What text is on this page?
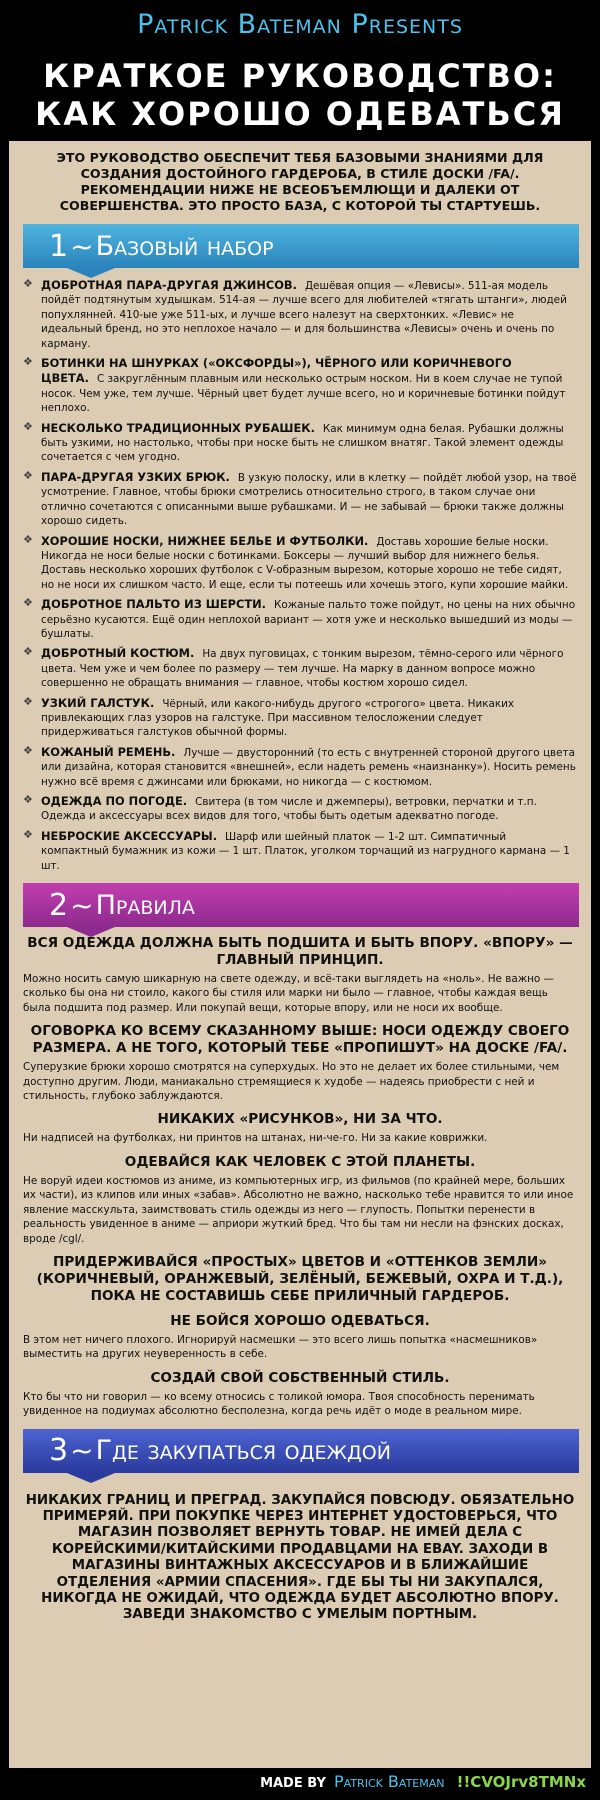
Patrick Bateman Presents
КРАТКОЕ РУКОВОДСТВО:
КАК ХОРОШО ОДЕВАТЬСЯ
ЭТО РУКОВОДСТВО ОБЕСПЕЧИТ ТЕБЯ БАЗОВЫМИ ЗНАНИЯМИ ДЛЯ СОЗДАНИЯ ДОСТОЙНОГО ГАРДЕРОБА, В СТИЛЕ ДОСКИ /FA/. РЕКОМЕНДАЦИИ НИЖЕ НЕ ВСЕОБЪЕМЛЮЩИ И ДАЛЕКИ ОТ СОВЕРШЕНСТВА. ЭТО ПРОСТО БАЗА, С КОТОРОЙ ТЫ СТАРТУЕШЬ.
1 ~ Базовый набор
❖ ДОБРОТНАЯ ПАРА-ДРУГАЯ ДЖИНСОВ. Дешёвая опция — «Левисы». 511-ая модель пойдёт подтянутым худышкам. 514-ая — лучше всего для любителей «тягать штанги», людей попухлянней. 410-ые уже 511-ых, и лучше всего налезут на сверхтонких. «Левис» не идеальный бренд, но это неплохое начало — и для большинства «Левисы» очень и очень по карману.
❖ БОТИНКИ НА ШНУРКАХ («ОКСФОРДЫ»), ЧЁРНОГО ИЛИ КОРИЧНЕВОГО ЦВЕТА. С закруглённым плавным или несколько острым носком. Ни в коем случае не тупой носок. Чем уже, тем лучше. Чёрный цвет будет лучше всего, но и коричневые ботинки пойдут неплохо.
❖ НЕСКОЛЬКО ТРАДИЦИОННЫХ РУБАШЕК. Как минимум одна белая. Рубашки должны быть узкими, но настолько, чтобы при носке быть не слишком внатяг. Такой элемент одежды сочетается с чем угодно.
❖ ПАРА-ДРУГАЯ УЗКИХ БРЮК. В узкую полоску, или в клетку — пойдёт любой узор, на твоё усмотрение. Главное, чтобы брюки смотрелись относительно строго, в таком случае они отлично сочетаются с описанными выше рубашками. И — не забывай — брюки также должны хорошо сидеть.
❖ ХОРОШИЕ НОСКИ, НИЖНЕЕ БЕЛЬЕ И ФУТБОЛКИ. Доставь хорошие белые носки. Никогда не носи белые носки с ботинками. Боксеры — лучший выбор для нижнего белья. Доставь несколько хороших футболок с V-образным вырезом, которые хорошо не тебе сидят, но не носи их слишком часто. И еще, если ты потеешь или хочешь этого, купи хорошие майки.
❖ ДОБРОТНОЕ ПАЛЬТО ИЗ ШЕРСТИ. Кожаные пальто тоже пойдут, но цены на них обычно серьёзно кусаются. Ещё один неплохой вариант — хотя уже и несколько вышедший из моды — бушлаты.
❖ ДОБРОТНЫЙ КОСТЮМ. На двух пуговицах, с тонким вырезом, тёмно-серого или чёрного цвета. Чем уже и чем более по размеру — тем лучше. На марку в данном вопросе можно совершенно не обращать внимания — главное, чтобы костюм хорошо сидел.
❖ УЗКИЙ ГАЛСТУК. Чёрный, или какого-нибудь другого «строгого» цвета. Никаких привлекающих глаз узоров на галстуке. При массивном телосложении следует придерживаться галстуков обычной формы.
❖ КОЖАНЫЙ РЕМЕНЬ. Лучше — двусторонний (то есть с внутренней стороной другого цвета или дизайна, которая становится «внешней», если надеть ремень «наизнанку»). Носить ремень нужно всё время с джинсами или брюками, но никогда — с костюмом.
❖ ОДЕЖДА ПО ПОГОДЕ. Свитера (в том числе и джемперы), ветровки, перчатки и т.п. Одежда и аксессуары всех видов для того, чтобы быть одетым адекватно погоде.
❖ НЕБРОСКИЕ АКСЕССУАРЫ. Шарф или шейный платок — 1-2 шт. Симпатичный компактный бумажник из кожи — 1 шт. Платок, уголком торчащий из нагрудного кармана — 1 шт.
2 ~ Правила
ВСЯ ОДЕЖДА ДОЛЖНА БЫТЬ ПОДШИТА И БЫТЬ ВПОРУ. «ВПОРУ» — ГЛАВНЫЙ ПРИНЦИП.
Можно носить самую шикарную на свете одежду, и всё-таки выглядеть на «ноль». Не важно — сколько бы она ни стоило, какого бы стиля или марки ни было — главное, чтобы каждая вещь была подшита под размер. Или покупай вещи, которые впору, или не носи их вообще.
ОГОВОРКА КО ВСЕМУ СКАЗАННОМУ ВЫШЕ: НОСИ ОДЕЖДУ СВОЕГО РАЗМЕРА. А НЕ ТОГО, КОТОРЫЙ ТЕБЕ «ПРОПИШУТ» НА ДОСКЕ /FA/.
Суперузкие брюки хорошо смотрятся на суперхудых. Но это не делает их более стильными, чем доступно другим. Люди, маниакально стремящиеся к худобе — надеясь приобрести с ней и стильность, глубоко заблуждаются.
НИКАКИХ «РИСУНКОВ», НИ ЗА ЧТО.
Ни надписей на футболках, ни принтов на штанах, ни-че-го. Ни за какие коврижки.
ОДЕВАЙСЯ КАК ЧЕЛОВЕК С ЭТОЙ ПЛАНЕТЫ.
Не воруй идеи костюмов из аниме, из компьютерных игр, из фильмов (по крайней мере, больших их части), из клипов или иных «забав». Абсолютно не важно, насколько тебе нравится то или иное явление масскульта, заимствовать стиль одежды из него — глупость. Попытки перенести в реальность увиденное в аниме — априори жуткий бред. Что бы там ни несли на фэнских досках, вроде /cgl/.
ПРИДЕРЖИВАЙСЯ «ПРОСТЫХ» ЦВЕТОВ И «ОТТЕНКОВ ЗЕМЛИ» (КОРИЧНЕВЫЙ, ОРАНЖЕВЫЙ, ЗЕЛЁНЫЙ, БЕЖЕВЫЙ, ОХРА И Т.Д.), ПОКА НЕ СОСТАВИШЬ СЕБЕ ПРИЛИЧНЫЙ ГАРДЕРОБ.
НЕ БОЙСЯ ХОРОШО ОДЕВАТЬСЯ.
В этом нет ничего плохого. Игнорируй насмешки — это всего лишь попытка «насмешников» выместить на других неуверенность в себе.
СОЗДАЙ СВОЙ СОБСТВЕННЫЙ СТИЛЬ.
Кто бы что ни говорил — ко всему относись с толикой юмора. Твоя способность перенимать увиденное на подиумах абсолютно бесполезна, когда речь идёт о моде в реальном мире.
3 ~ Где закупаться одеждой
НИКАКИХ ГРАНИЦ И ПРЕГРАД. ЗАКУПАЙСЯ ПОВСЮДУ. ОБЯЗАТЕЛЬНО ПРИМЕРЯЙ. ПРИ ПОКУПКЕ ЧЕРЕЗ ИНТЕРНЕТ УДОСТОВЕРЬСЯ, ЧТО МАГАЗИН ПОЗВОЛЯЕТ ВЕРНУТЬ ТОВАР. НЕ ИМЕЙ ДЕЛА С КОРЕЙСКИМИ/КИТАЙСКИМИ ПРОДАВЦАМИ НА EBAY. ЗАХОДИ В МАГАЗИНЫ ВИНТАЖНЫХ АКСЕССУАРОВ И В БЛИЖАЙШИЕ ОТДЕЛЕНИЯ «АРМИИ СПАСЕНИЯ». ГДЕ БЫ ТЫ НИ ЗАКУПАЛСЯ, НИКОГДА НЕ ОЖИДАЙ, ЧТО ОДЕЖДА БУДЕТ АБСОЛЮТНО ВПОРУ. ЗАВЕДИ ЗНАКОМСТВО С УМЕЛЫМ ПОРТНЫМ.
MADE BY Patrick Bateman !!CVOJrv8TMNx
